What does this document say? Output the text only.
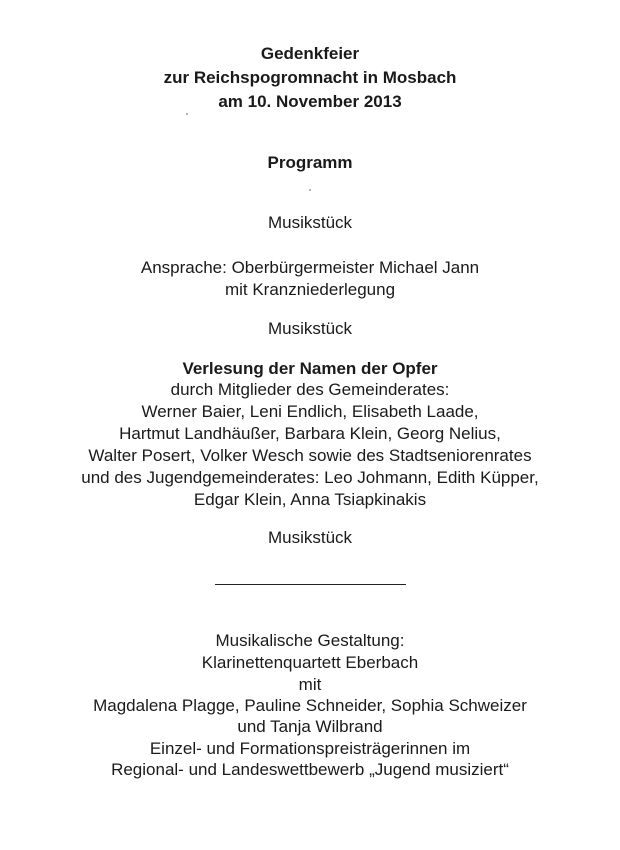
Gedenkfeier
zur Reichspogromnacht in Mosbach
am 10. November 2013
Programm
Musikstück
Ansprache: Oberbürgermeister Michael Jann
mit Kranzniederlegung
Musikstück
Verlesung der Namen der Opfer
durch Mitglieder des Gemeinderates:
Werner Baier, Leni Endlich, Elisabeth Laade,
Hartmut Landhäußer, Barbara Klein, Georg Nelius,
Walter Posert, Volker Wesch sowie des Stadtseniorenrates
und des Jugendgemeinderates: Leo Johmann, Edith Küpper,
Edgar Klein, Anna Tsiapkinakis
Musikstück
Musikalische Gestaltung:
Klarinettenquartett Eberbach
mit
Magdalena Plagge, Pauline Schneider, Sophia Schweizer
und Tanja Wilbrand
Einzel- und Formationspreisträgerinnen im
Regional- und Landeswettbewerb „Jugend musiziert“
